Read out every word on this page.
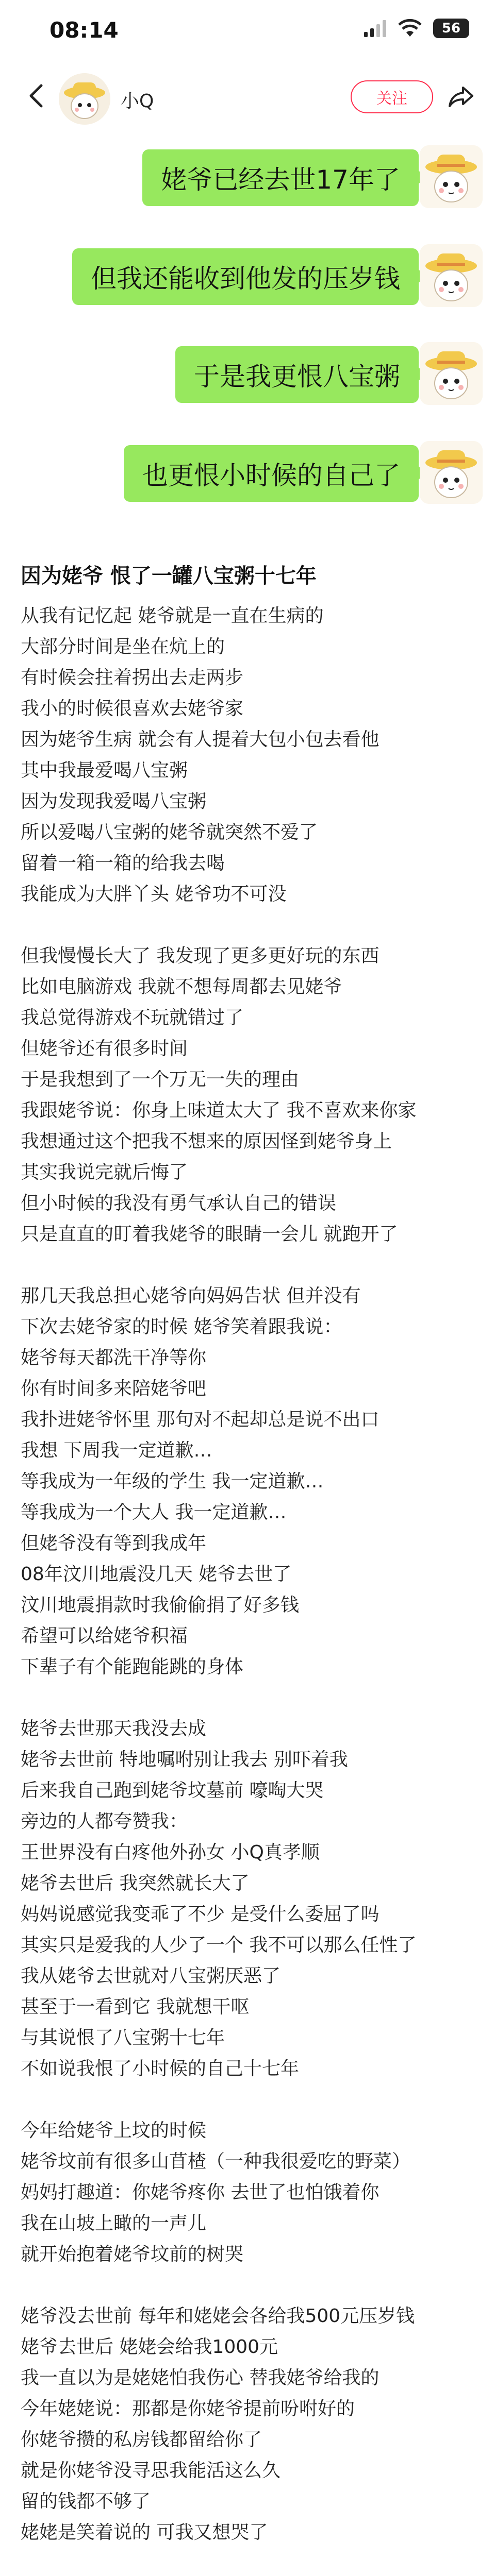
08:14	56
小Q	关注
姥爷已经去世17年了
但我还能收到他发的压岁钱
于是我更恨八宝粥
也更恨小时候的自己了
因为姥爷 恨了一罐八宝粥十七年
从我有记忆起 姥爷就是一直在生病的
大部分时间是坐在炕上的
有时候会拄着拐出去走两步
我小的时候很喜欢去姥爷家
因为姥爷生病 就会有人提着大包小包去看他
其中我最爱喝八宝粥
因为发现我爱喝八宝粥
所以爱喝八宝粥的姥爷就突然不爱了
留着一箱一箱的给我去喝
我能成为大胖丫头 姥爷功不可没
但我慢慢长大了 我发现了更多更好玩的东西
比如电脑游戏 我就不想每周都去见姥爷
我总觉得游戏不玩就错过了
但姥爷还有很多时间
于是我想到了一个万无一失的理由
我跟姥爷说：你身上味道太大了 我不喜欢来你家
我想通过这个把我不想来的原因怪到姥爷身上
其实我说完就后悔了
但小时候的我没有勇气承认自己的错误
只是直直的盯着我姥爷的眼睛一会儿 就跑开了
那几天我总担心姥爷向妈妈告状 但并没有
下次去姥爷家的时候 姥爷笑着跟我说：
姥爷每天都洗干净等你
你有时间多来陪姥爷吧
我扑进姥爷怀里 那句对不起却总是说不出口
我想 下周我一定道歉…
等我成为一年级的学生 我一定道歉…
等我成为一个大人 我一定道歉…
但姥爷没有等到我成年
08年汶川地震没几天 姥爷去世了
汶川地震捐款时我偷偷捐了好多钱
希望可以给姥爷积福
下辈子有个能跑能跳的身体
姥爷去世那天我没去成
姥爷去世前 特地嘱咐别让我去 别吓着我
后来我自己跑到姥爷坟墓前 嚎啕大哭
旁边的人都夸赞我：
王世界没有白疼他外孙女 小Q真孝顺
姥爷去世后 我突然就长大了
妈妈说感觉我变乖了不少 是受什么委屈了吗
其实只是爱我的人少了一个 我不可以那么任性了
我从姥爷去世就对八宝粥厌恶了
甚至于一看到它 我就想干呕
与其说恨了八宝粥十七年
不如说我恨了小时候的自己十七年
今年给姥爷上坟的时候
姥爷坟前有很多山苜楂（一种我很爱吃的野菜）
妈妈打趣道：你姥爷疼你 去世了也怕饿着你
我在山坡上瞰的一声儿
就开始抱着姥爷坟前的树哭
姥爷没去世前 每年和姥姥会各给我500元压岁钱
姥爷去世后 姥姥会给我1000元
我一直以为是姥姥怕我伤心 替我姥爷给我的
今年姥姥说：那都是你姥爷提前吩咐好的
你姥爷攒的私房钱都留给你了
就是你姥爷没寻思我能活这么久
留的钱都不够了
姥姥是笑着说的 可我又想哭了
